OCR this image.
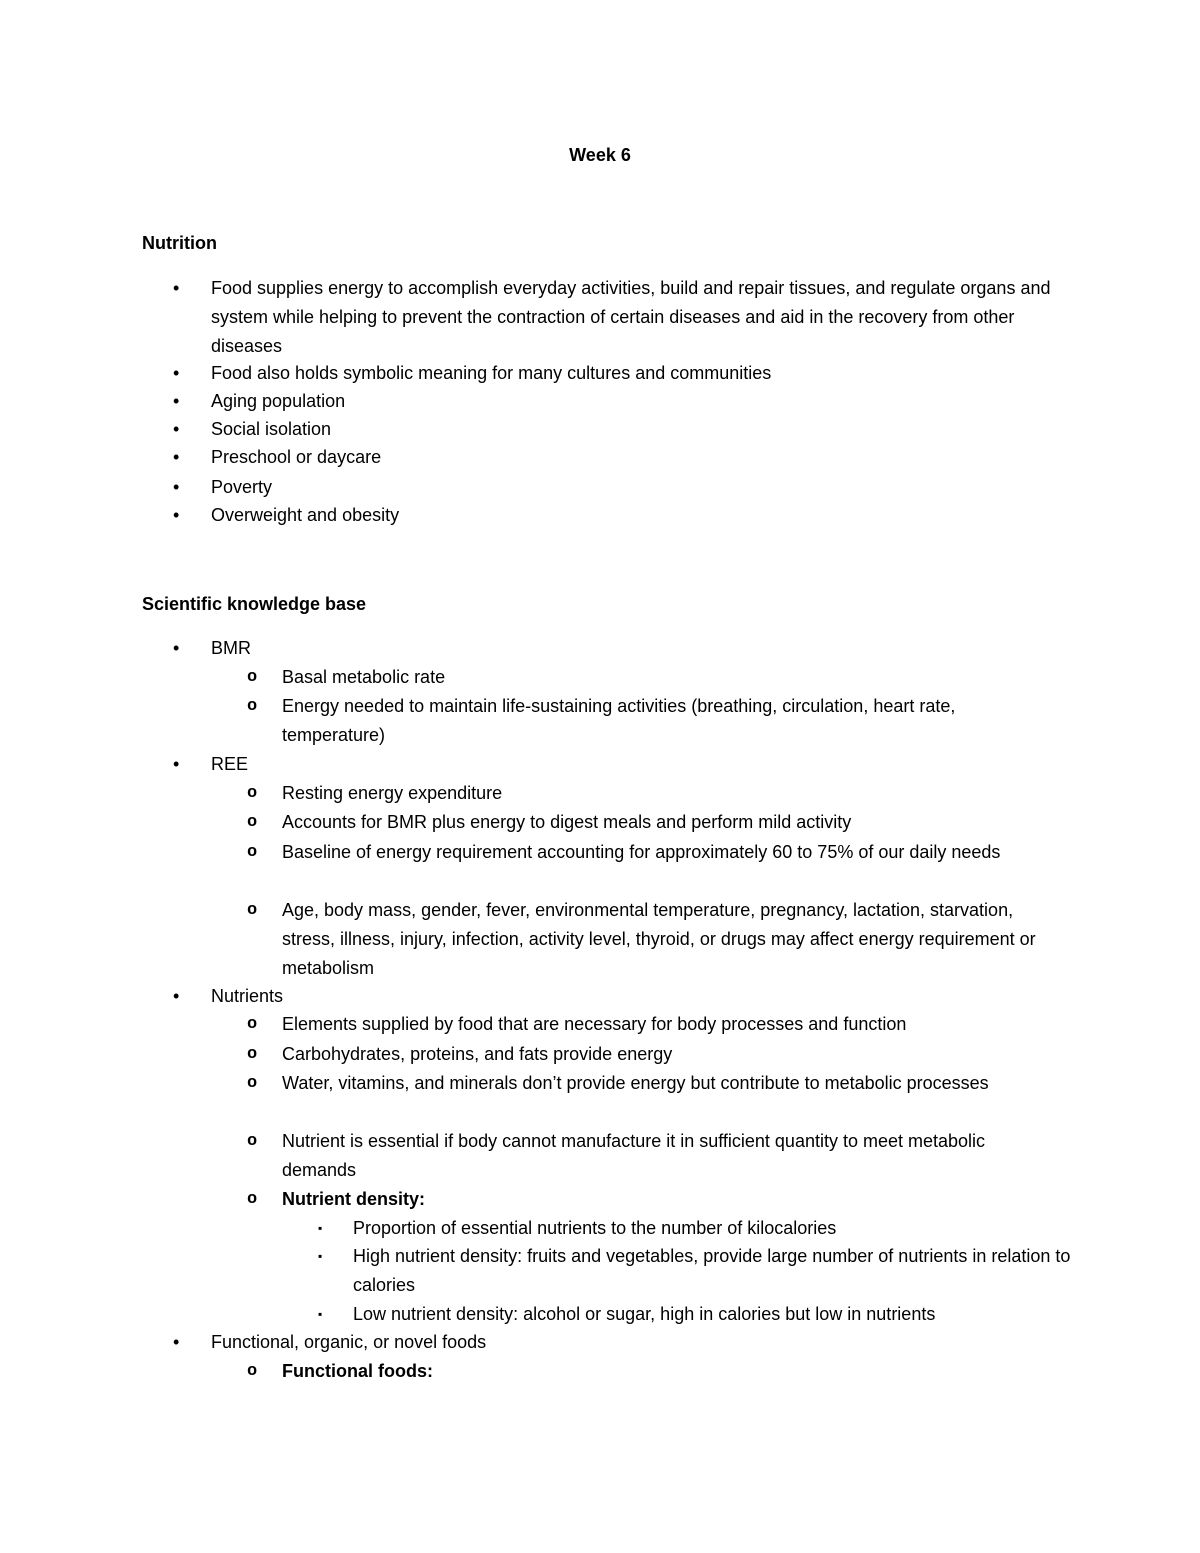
Week 6
Nutrition
• Food supplies energy to accomplish everyday activities, build and repair tissues, and regulate organs and system while helping to prevent the contraction of certain diseases and aid in the recovery from other diseases
• Food also holds symbolic meaning for many cultures and communities
• Aging population
• Social isolation
• Preschool or daycare
• Poverty
• Overweight and obesity
Scientific knowledge base
• BMR
o Basal metabolic rate
o Energy needed to maintain life-sustaining activities (breathing, circulation, heart rate, temperature)
• REE
o Resting energy expenditure
o Accounts for BMR plus energy to digest meals and perform mild activity
o Baseline of energy requirement accounting for approximately 60 to 75% of our daily needs
o Age, body mass, gender, fever, environmental temperature, pregnancy, lactation, starvation, stress, illness, injury, infection, activity level, thyroid, or drugs may affect energy requirement or metabolism
• Nutrients
o Elements supplied by food that are necessary for body processes and function
o Carbohydrates, proteins, and fats provide energy
o Water, vitamins, and minerals don’t provide energy but contribute to metabolic processes
o Nutrient is essential if body cannot manufacture it in sufficient quantity to meet metabolic demands
o Nutrient density:
▪ Proportion of essential nutrients to the number of kilocalories
▪ High nutrient density: fruits and vegetables, provide large number of nutrients in relation to calories
▪ Low nutrient density: alcohol or sugar, high in calories but low in nutrients
• Functional, organic, or novel foods
o Functional foods:
